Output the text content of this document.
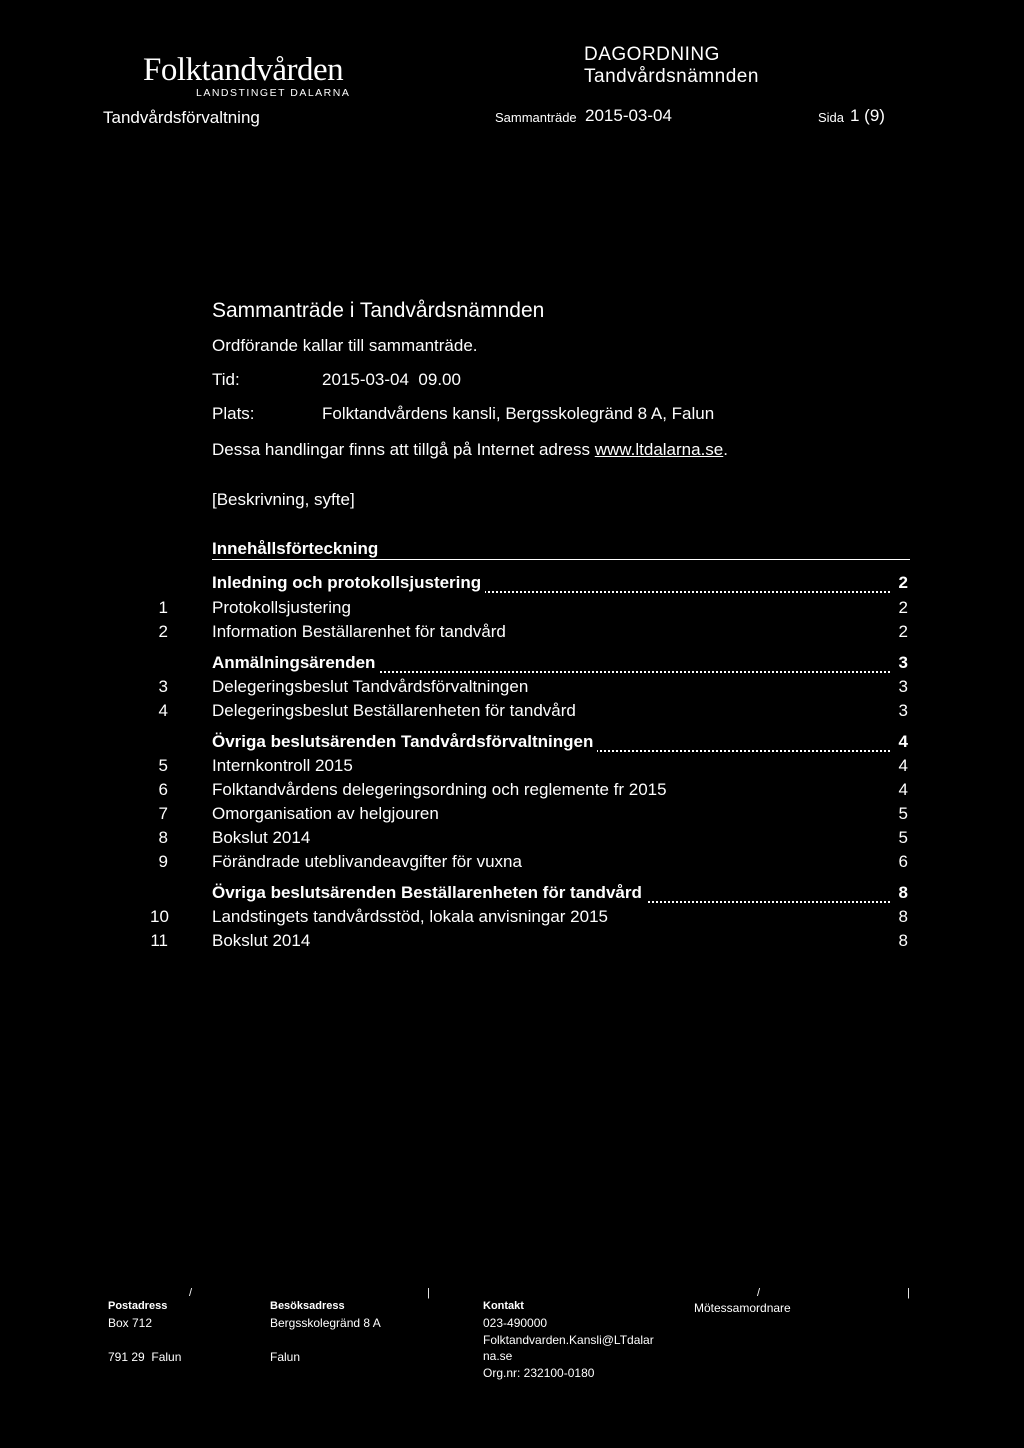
Folktandvården
LANDSTINGET DALARNA
Tandvårdsförvaltning
DAGORDNING
Tandvårdsnämnden
Sammanträde 2015-03-04	Sida 1 (9)
Sammanträde i Tandvårdsnämnden
Ordförande kallar till sammanträde.
Tid:	2015-03-04  09.00
Plats:	Folktandvårdens kansli, Bergsskolegränd 8 A, Falun
Dessa handlingar finns att tillgå på Internet adress www.ltdalarna.se.
[Beskrivning, syfte]
Innehållsförteckning
Inledning och protokollsjustering	2
1	Protokollsjustering	2
2	Information Beställarenhet för tandvård	2
Anmälningsärenden	3
3	Delegeringsbeslut Tandvårdsförvaltningen	3
4	Delegeringsbeslut Beställarenheten för tandvård	3
Övriga beslutsärenden Tandvårdsförvaltningen	4
5	Internkontroll 2015	4
6	Folktandvårdens delegeringsordning och reglemente fr 2015	4
7	Omorganisation av helgjouren	5
8	Bokslut 2014	5
9	Förändrade uteblivandeavgifter för vuxna	6
Övriga beslutsärenden Beställarenheten för tandvård	8
10	Landstingets tandvårdsstöd, lokala anvisningar 2015	8
11	Bokslut 2014	8
/	|	/	|
Postadress
Box 712
791 29  Falun
Besöksadress
Bergsskolegränd 8 A
Falun
Kontakt
023-490000
Folktandvarden.Kansli@LTdalar
na.se
Org.nr: 232100-0180
Mötessamordnare
